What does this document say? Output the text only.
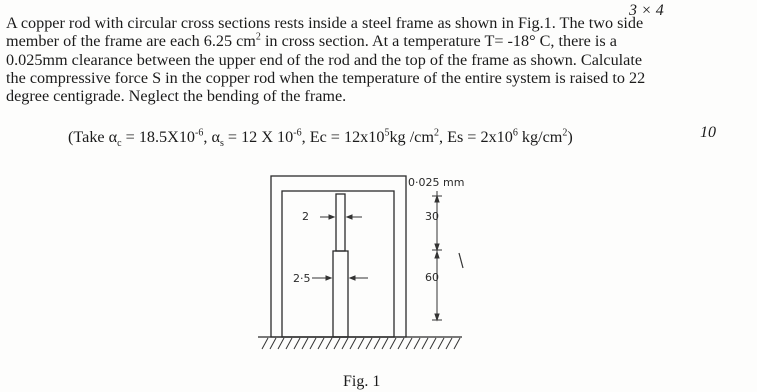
3 × 4
A copper rod with circular cross sections rests inside a steel frame as shown in Fig.1. The two side
member of the frame are each 6.25 $cm^2$ in cross section. At a temperature T= -18° C, there is a
0.025mm clearance between the upper end of the rod and the top of the frame as shown. Calculate
the compressive force S in the copper rod when the temperature of the entire system is raised to 22
degree centigrade. Neglect the bending of the frame.
10
(Take $\alpha_c = 18.5X10^{-6}$, $\alpha_s = 12$ X $10^{-6}$, $Ec = 12x10^5kg$ $/cm^2$, $Es = 2x10^6$ $kg/cm^2$)
0·025 mm
2
2·5
30
60
Fig. 1
